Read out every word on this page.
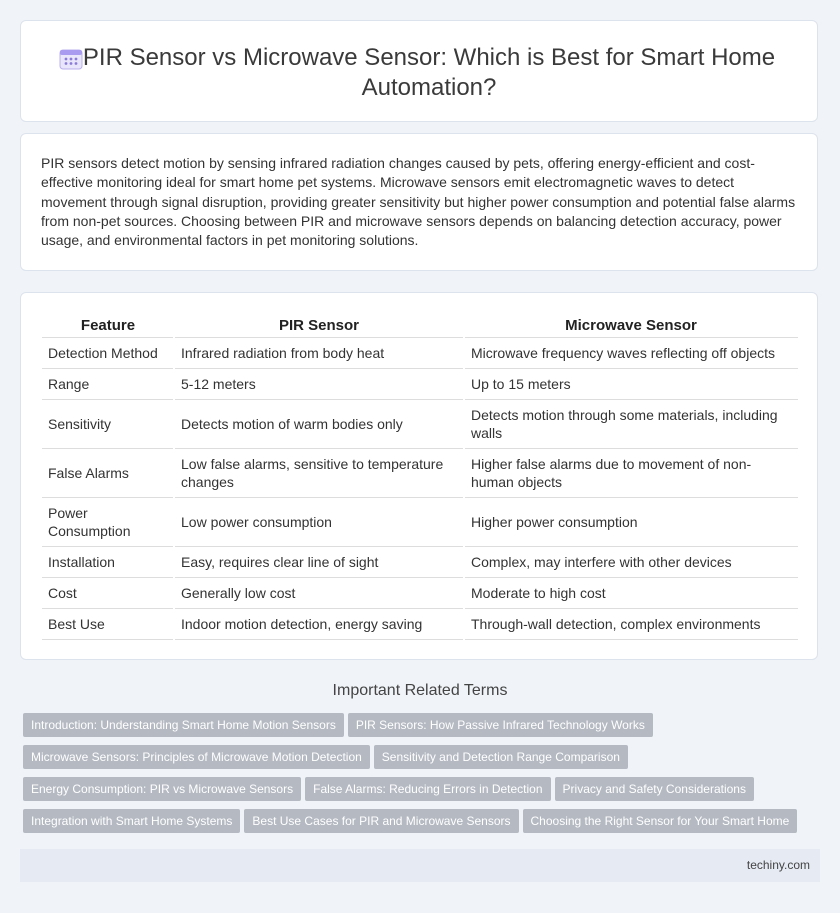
PIR Sensor vs Microwave Sensor: Which is Best for Smart Home Automation?

PIR sensors detect motion by sensing infrared radiation changes caused by pets, offering energy-efficient and cost-effective monitoring ideal for smart home pet systems. Microwave sensors emit electromagnetic waves to detect movement through signal disruption, providing greater sensitivity but higher power consumption and potential false alarms from non-pet sources. Choosing between PIR and microwave sensors depends on balancing detection accuracy, power usage, and environmental factors in pet monitoring solutions.

Feature	PIR Sensor	Microwave Sensor
Detection Method	Infrared radiation from body heat	Microwave frequency waves reflecting off objects
Range	5-12 meters	Up to 15 meters
Sensitivity	Detects motion of warm bodies only	Detects motion through some materials, including walls
False Alarms	Low false alarms, sensitive to temperature changes	Higher false alarms due to movement of non-human objects
Power Consumption	Low power consumption	Higher power consumption
Installation	Easy, requires clear line of sight	Complex, may interfere with other devices
Cost	Generally low cost	Moderate to high cost
Best Use	Indoor motion detection, energy saving	Through-wall detection, complex environments
Important Related Terms
Introduction: Understanding Smart Home Motion Sensors PIR Sensors: How Passive Infrared Technology Works
Microwave Sensors: Principles of Microwave Motion Detection Sensitivity and Detection Range Comparison
Energy Consumption: PIR vs Microwave Sensors False Alarms: Reducing Errors in Detection Privacy and Safety Considerations
Integration with Smart Home Systems Best Use Cases for PIR and Microwave Sensors Choosing the Right Sensor for Your Smart Home
techiny.com
